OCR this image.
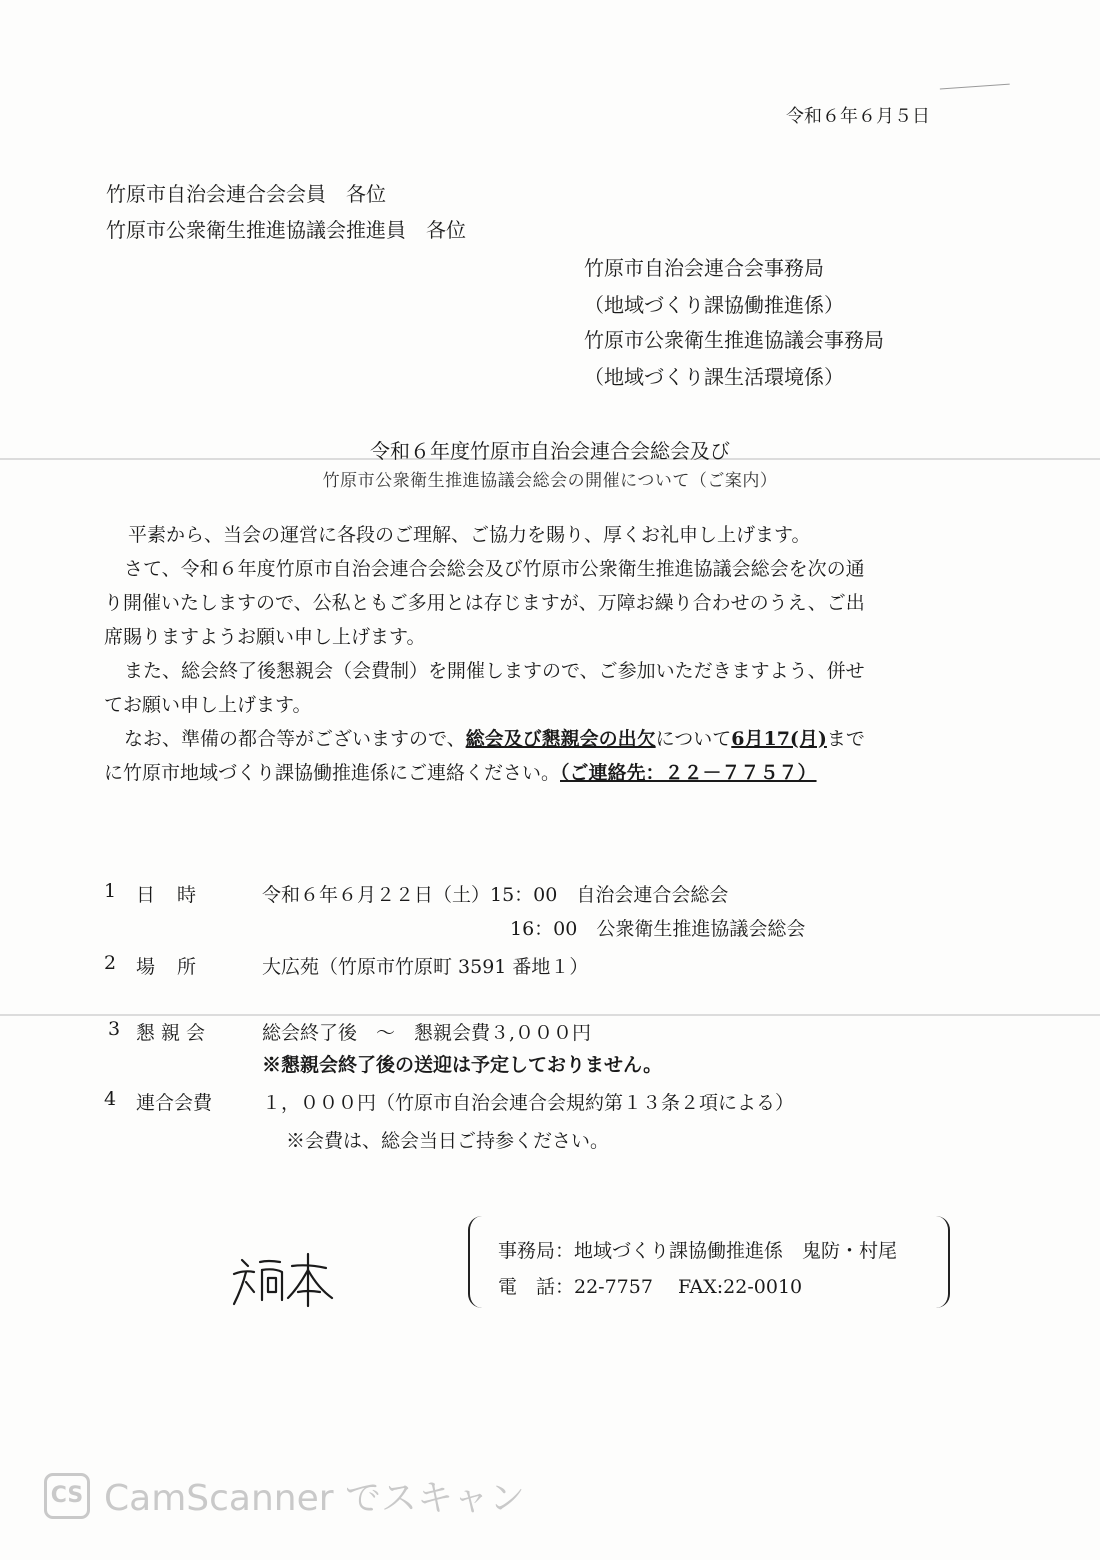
令和６年６月５日
竹原市自治会連合会会員　各位
竹原市公衆衛生推進協議会推進員　各位
竹原市自治会連合会事務局
（地域づくり課協働推進係）
竹原市公衆衛生推進協議会事務局
（地域づくり課生活環境係）
令和６年度竹原市自治会連合会総会及び
竹原市公衆衛生推進協議会総会の開催について（ご案内）
平素から、当会の運営に各段のご理解、ご協力を賜り、厚くお礼申し上げます。
さて、令和６年度竹原市自治会連合会総会及び竹原市公衆衛生推進協議会総会を次の通
り開催いたしますので、公私ともご多用とは存じますが、万障お繰り合わせのうえ、ご出
席賜りますようお願い申し上げます。
また、総会終了後懇親会（会費制）を開催しますので、ご参加いただきますよう、併せ
てお願い申し上げます。
なお、準備の都合等がございますので、総会及び懇親会の出欠について6月17(月)まで
に竹原市地域づくり課協働推進係にご連絡ください。（ご連絡先：２２－７７５７）
1 日時 令和６年６月２２日（土）15：00　自治会連合会総会
16：00　公衆衛生推進協議会総会
2 場所 大広苑（竹原市竹原町 3591 番地１）
3 懇親会	総会終了後　～　懇親会費３,０００円
※懇親会終了後の送迎は予定しておりません。
4 連合会費	１，０００円（竹原市自治会連合会規約第１３条２項による）
※会費は、総会当日ご持参ください。
事務局：地域づくり課協働推進係　鬼防・村尾
電　話：22-7757　 FAX:22-0010
CS CamScanner でスキャン
